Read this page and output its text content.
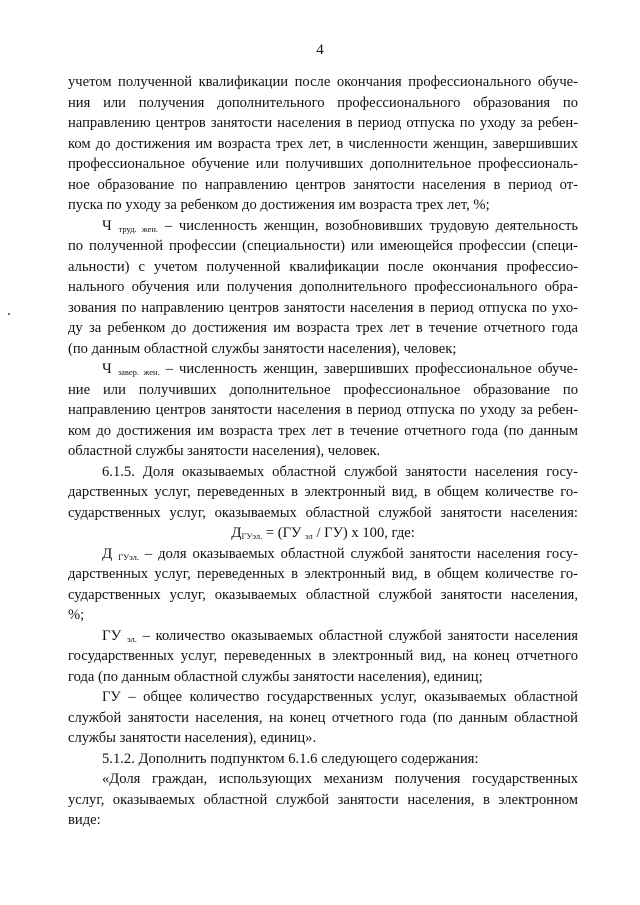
4
учетом полученной квалификации после окончания профессионального обуче-
ния или получения дополнительного профессионального образования по
направлению центров занятости населения в период отпуска по уходу за ребен-
ком до достижения им возраста трех лет, в численности женщин, завершивших
профессиональное обучение или получивших дополнительное профессиональ-
ное образование по направлению центров занятости населения в период от-
пуска по уходу за ребенком до достижения им возраста трех лет, %;
Ч $_{труд. жен.}$ – численность женщин, возобновивших трудовую деятельность
по полученной профессии (специальности) или имеющейся профессии (специ-
альности) с учетом полученной квалификации после окончания профессио-
нального обучения или получения дополнительного профессионального обра-
зования по направлению центров занятости населения в период отпуска по ухо-
ду за ребенком до достижения им возраста трех лет в течение отчетного года
(по данным областной службы занятости населения), человек;
Ч $_{завер. жен.}$ – численность женщин, завершивших профессиональное обуче-
ние или получивших дополнительное профессиональное образование по
направлению центров занятости населения в период отпуска по уходу за ребен-
ком до достижения им возраста трех лет в течение отчетного года (по данным
областной службы занятости населения), человек.
6.1.5. Доля оказываемых областной службой занятости населения госу-
дарственных услуг, переведенных в электронный вид, в общем количестве го-
сударственных услуг, оказываемых областной службой занятости населения:
$Д_{ГУэл.} = (ГУ$ $_{эл}$ / ГУ) х 100, где:
Д $_{ГУэл.}$ – доля оказываемых областной службой занятости населения госу-
дарственных услуг, переведенных в электронный вид, в общем количестве го-
сударственных услуг, оказываемых областной службой занятости населения,
%;
ГУ $_{эл.}$ – количество оказываемых областной службой занятости населения
государственных услуг, переведенных в электронный вид, на конец отчетного
года (по данным областной службы занятости населения), единиц;
ГУ – общее количество государственных услуг, оказываемых областной
службой занятости населения, на конец отчетного года (по данным областной
службы занятости населения), единиц».
5.1.2. Дополнить подпунктом 6.1.6 следующего содержания:
«Доля граждан, использующих механизм получения государственных
услуг, оказываемых областной службой занятости населения, в электронном
виде:
